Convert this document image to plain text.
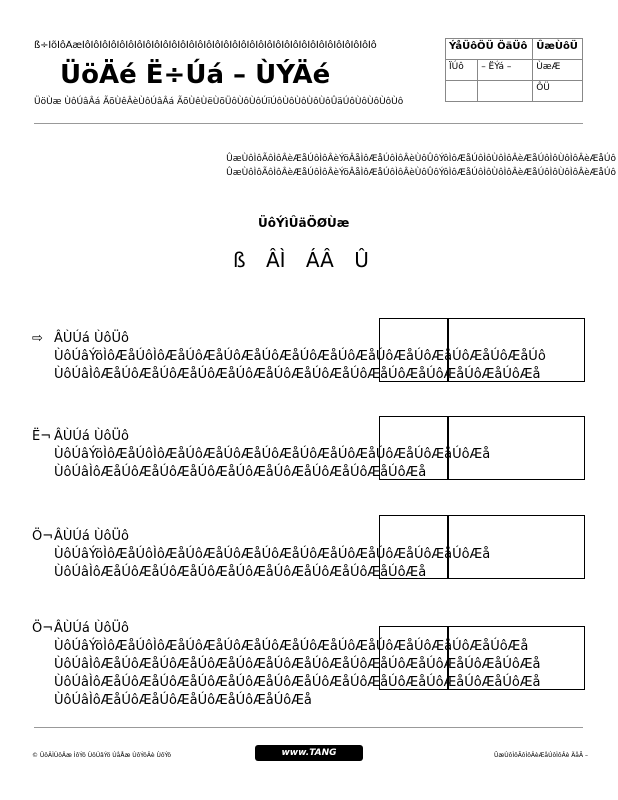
ß÷ÌõÍôÂæÌôÌôÌôÌôÌôÌôÌôÌôÌôÌôÌôÌôÌôÌôÌôÌôÌôÌôÌôÌôÌôÌôÌôÌôÌôÌôÌôÌôÌôÌôÌôÌôÌôÌô
ÜöÄé Ë÷Úá – ÙÝÄé
ÜöÙæ ÙôÚâÂá ÃõÙêÂèÙôÚâÂá ÃõÙêÙëÙõÜôÙôÙôÚïÚôÙôÙôÙôÙôÛäÚôÙôÙôÙôÙô
ÝåÜôÖÜ ÖäÜô		ÛæÙôÜ
ÏÚô	– ËÝá –	ÙæÆ
		ÔÜ
ÛæÙôÌôÃôÌôÂèÆåÚôÌôÂèÝöÂåÌôÆåÚôÌôÂèÙôÛôÝôÌôÆåÚôÌôÙôÌôÂèÆåÚôÌôÙôÌôÂèÆåÚô
ÛæÙôÌôÃôÌôÂèÆåÚôÌôÂèÝöÂåÌôÆåÚôÌôÂèÙôÛôÝôÌôÆåÚôÌôÙôÌôÂèÆåÚôÌôÙôÌôÂèÆåÚô
ÜôÝìÛäÖØÙæ
ß ÂÌ ÁÂ Û
⇨ ÂÙÚá ÙôÜô ÙôÚâÝöÌôÆåÚôÌôÆåÚôÆåÚôÆåÚôÆåÚôÆåÚôÆåÚôÆåÚôÆåÚôÆåÚôÆåÚô
ÙôÚâÌôÆåÚôÆåÚôÆåÚôÆåÚôÆåÚôÆåÚôÆåÚôÆåÚôÆåÚôÆåÚôÆåÚôÆå
Ë¬ ÂÙÚá ÙôÜô ÙôÚâÝöÌôÆåÚôÌôÆåÚôÆåÚôÆåÚôÆåÚôÆåÚôÆåÚôÆåÚôÆåÚôÆå
ÙôÚâÌôÆåÚôÆåÚôÆåÚôÆåÚôÆåÚôÆåÚôÆåÚôÆåÚôÆå
Ö¬ ÂÙÚá ÙôÜô ÙôÚâÝöÌôÆåÚôÌôÆåÚôÆåÚôÆåÚôÆåÚôÆåÚôÆåÚôÆåÚôÆåÚôÆå
ÙôÚâÌôÆåÚôÆåÚôÆåÚôÆåÚôÆåÚôÆåÚôÆåÚôÆåÚôÆå
Ö¬ ÂÙÚá ÙôÜô ÙôÚâÝöÌôÆåÚôÌôÆåÚôÆåÚôÆåÚôÆåÚôÆåÚôÆåÚôÆåÚôÆåÚôÆåÚôÆå
ÙôÚâÌôÆåÚôÆåÚôÆåÚôÆåÚôÆåÚôÆåÚôÆåÚôÆåÚôÆåÚôÆåÚôÆåÚôÆå
ÙôÚâÌôÆåÚôÆåÚôÆåÚôÆåÚôÆåÚôÆåÚôÆåÚôÆåÚôÆåÚôÆåÚôÆåÚôÆå
ÙôÚâÌôÆåÚôÆåÚôÆåÚôÆåÚôÆåÚôÆå
© ÜôÂÌÙôÄæ ÌôÝö ÙôÚâÝö ÚåÅæ ÙôÝöÂè ÙôÝö	www.TANG MATH.com
ÛæÙôÌôÃôÌôÂèÆåÚôÌôÂè ÄåÃ –
